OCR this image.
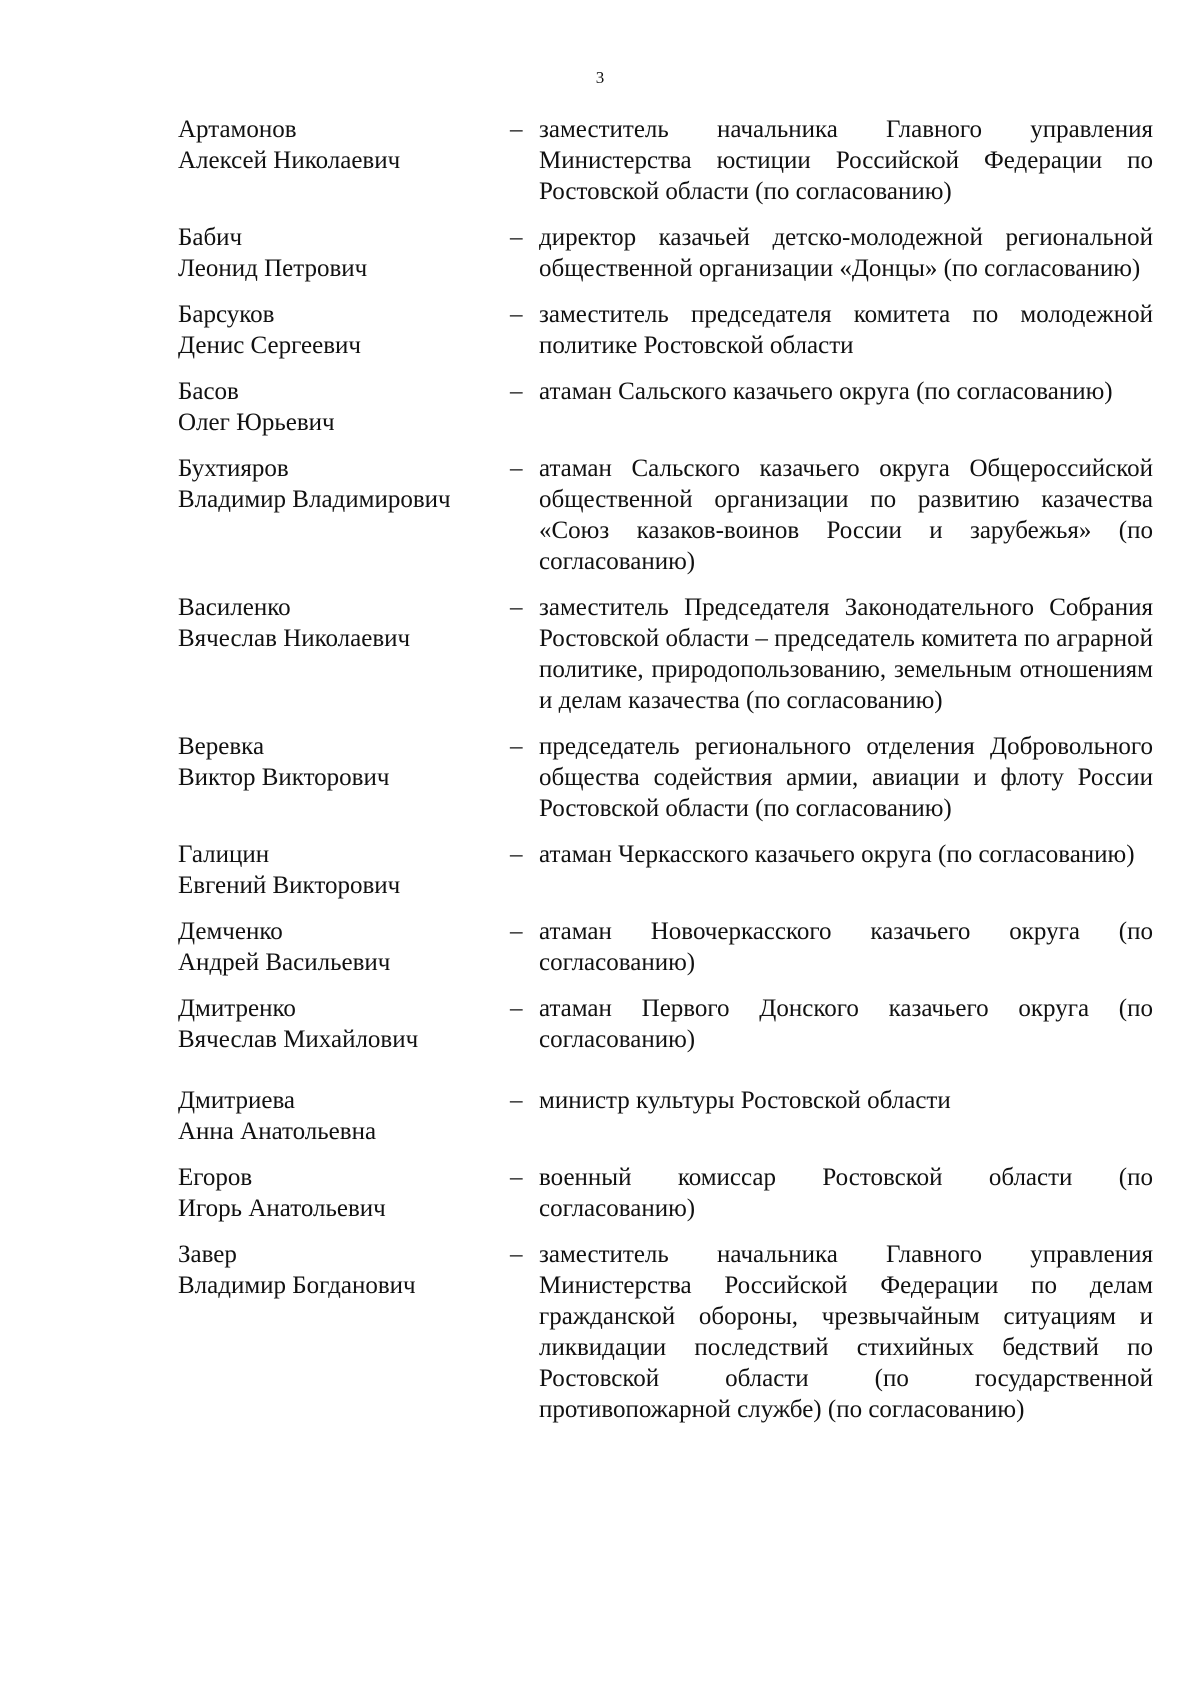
3
Артамонов
Алексей Николаевич
– заместитель начальника Главного управления Министерства юстиции Российской Федерации по Ростовской области (по согласованию)
Бабич
Леонид Петрович
– директор казачьей детско-молодежной региональной общественной организации «Донцы» (по согласованию)
Барсуков
Денис Сергеевич
– заместитель председателя комитета по молодежной политике Ростовской области
Басов
Олег Юрьевич
– атаман Сальского казачьего округа (по согласованию)
Бухтияров
Владимир Владимирович
– атаман Сальского казачьего округа Общероссийской общественной организации по развитию казачества «Союз казаков-воинов России и зарубежья» (по согласованию)
Василенко
Вячеслав Николаевич
– заместитель Председателя Законодательного Собрания Ростовской области – председатель комитета по аграрной политике, природопользованию, земельным отношениям и делам казачества (по согласованию)
Веревка
Виктор Викторович
– председатель регионального отделения Добровольного общества содействия армии, авиации и флоту России Ростовской области (по согласованию)
Галицин
Евгений Викторович
– атаман Черкасского казачьего округа (по согласованию)
Демченко
Андрей Васильевич
– атаман Новочеркасского казачьего округа (по согласованию)
Дмитренко
Вячеслав Михайлович
– атаман Первого Донского казачьего округа (по согласованию)
Дмитриева
Анна Анатольевна
– министр культуры Ростовской области
Егоров
Игорь Анатольевич
– военный комиссар Ростовской области (по согласованию)
Завер
Владимир Богданович
– заместитель начальника Главного управления Министерства Российской Федерации по делам гражданской обороны, чрезвычайным ситуациям и ликвидации последствий стихийных бедствий по Ростовской области (по государственной противопожарной службе) (по согласованию)
